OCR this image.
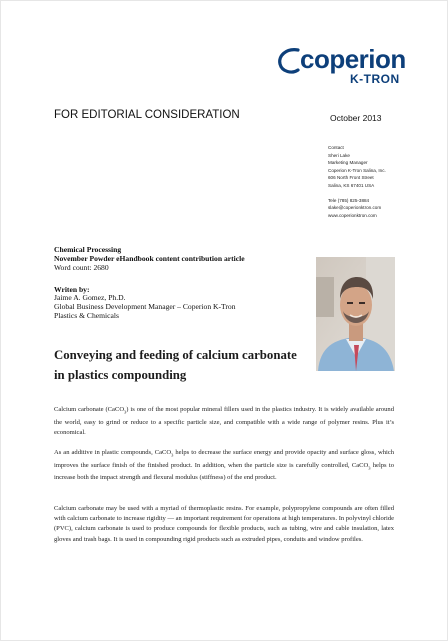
coperion
K-TRON
FOR EDITORIAL CONSIDERATION	October 2013
Contact
Sheri Lake
Marketing Manager
Coperion K-Tron Salina, Inc.
606 North Front Street
Salina, KS 67401 USA
Tele (785) 825-3884
slake@coperionktron.com
www.coperionktron.com
Chemical Processing
November Powder eHandbook content contribution article
Word count: 2680
Writen by:
Jaime A. Gomez, Ph.D.
Global Business Development Manager – Coperion K-Tron
Plastics & Chemicals
Conveying and feeding of calcium carbonate in plastics compounding
Calcium carbonate (CaCO$_3$) is one of the most popular mineral fillers used in the plastics industry. It is widely available around the world, easy to grind or reduce to a specific particle size, and compatible with a wide range of polymer resins. Plus it’s economical.
As an additive in plastic compounds, CaCO$_3$ helps to decrease the surface energy and provide opacity and surface gloss, which improves the surface finish of the finished product. In addition, when the particle size is carefully controlled, CaCO$_3$ helps to increase both the impact strength and flexural modulus (stiffness) of the end product.
Calcium carbonate may be used with a myriad of thermoplastic resins. For example, polypropylene compounds are often filled with calcium carbonate to increase rigidity — an important requirement for operations at high temperatures. In polyvinyl chloride (PVC), calcium carbonate is used to produce compounds for flexible products, such as tubing, wire and cable insulation, latex gloves and trash bags. It is used in compounding rigid products such as extruded pipes, conduits and window profiles.
